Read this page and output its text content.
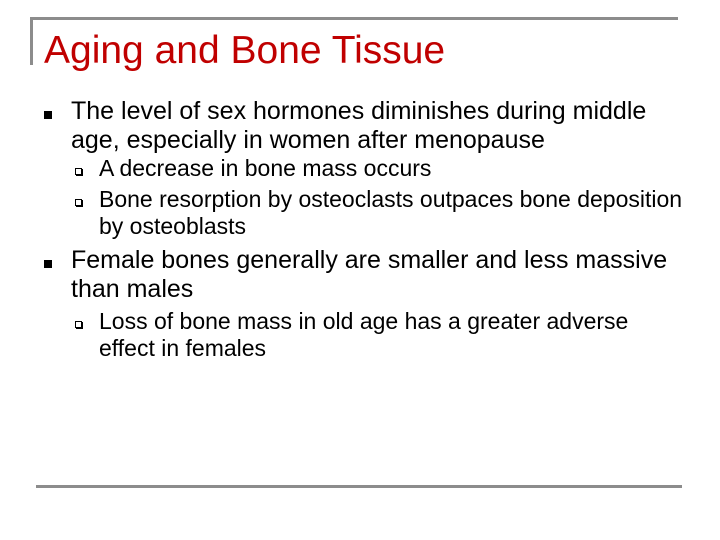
Aging and Bone Tissue
The level of sex hormones diminishes during middle age, especially in women after menopause
A decrease in bone mass occurs
Bone resorption by osteoclasts outpaces bone deposition by osteoblasts
Female bones generally are smaller and less massive than males
Loss of bone mass in old age has a greater adverse effect in females
